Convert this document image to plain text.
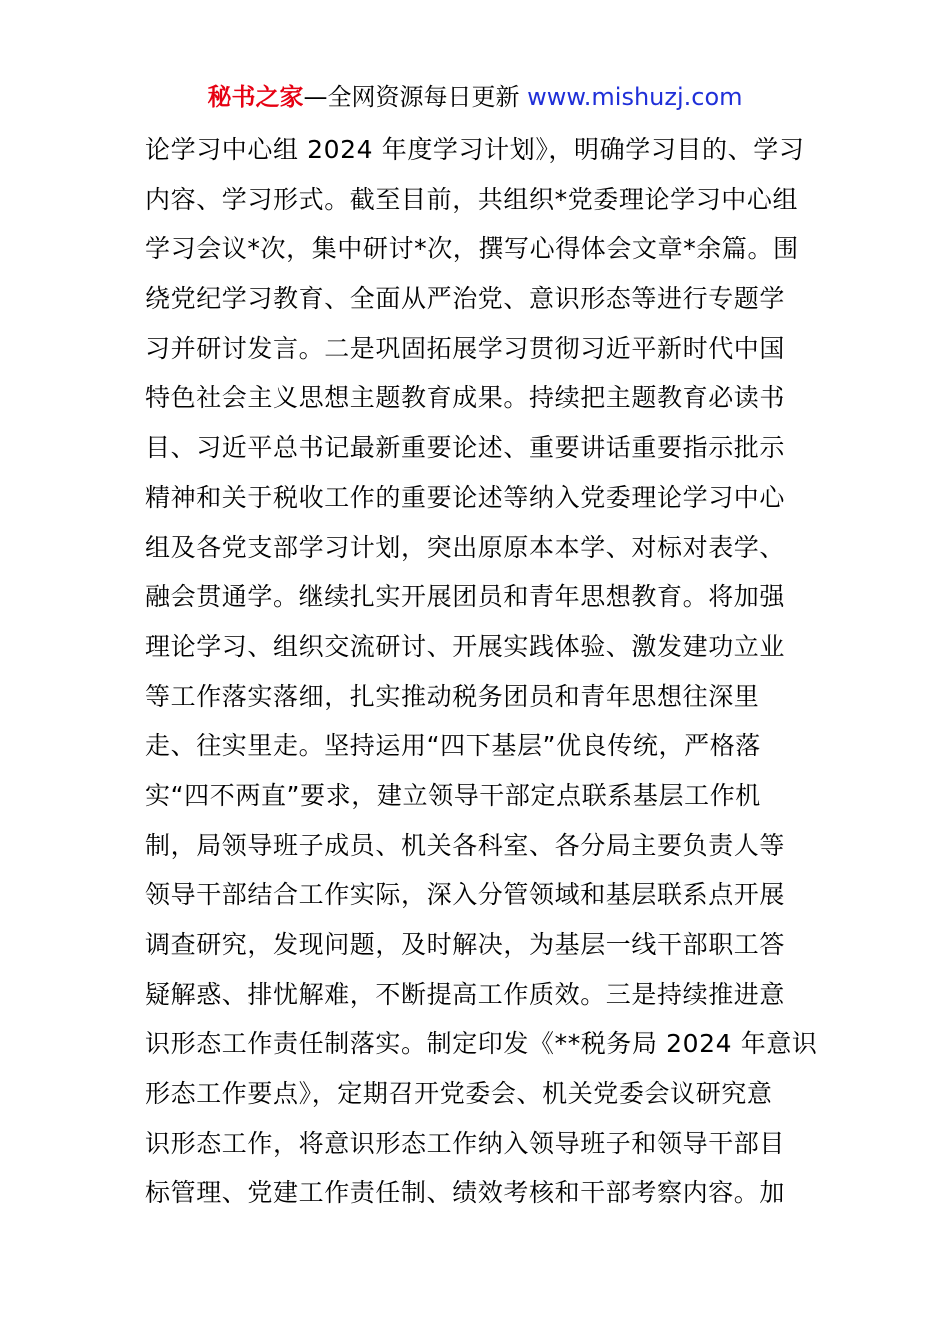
秘书之家—全网资源每日更新 www.mishuzj.com
论学习中心组 2024 年度学习计划》，明确学习目的、学习
内容、学习形式。截至目前，共组织*党委理论学习中心组
学习会议*次，集中研讨*次，撰写心得体会文章*余篇。围
绕党纪学习教育、全面从严治党、意识形态等进行专题学
习并研讨发言。二是巩固拓展学习贯彻习近平新时代中国
特色社会主义思想主题教育成果。持续把主题教育必读书
目、习近平总书记最新重要论述、重要讲话重要指示批示
精神和关于税收工作的重要论述等纳入党委理论学习中心
组及各党支部学习计划，突出原原本本学、对标对表学、
融会贯通学。继续扎实开展团员和青年思想教育。将加强
理论学习、组织交流研讨、开展实践体验、激发建功立业
等工作落实落细，扎实推动税务团员和青年思想往深里
走、往实里走。坚持运用“四下基层”优良传统，严格落
实“四不两直”要求，建立领导干部定点联系基层工作机
制，局领导班子成员、机关各科室、各分局主要负责人等
领导干部结合工作实际，深入分管领域和基层联系点开展
调查研究，发现问题，及时解决，为基层一线干部职工答
疑解惑、排忧解难，不断提高工作质效。三是持续推进意
识形态工作责任制落实。制定印发《**税务局 2024 年意识
形态工作要点》，定期召开党委会、机关党委会议研究意
识形态工作，将意识形态工作纳入领导班子和领导干部目
标管理、党建工作责任制、绩效考核和干部考察内容。加
